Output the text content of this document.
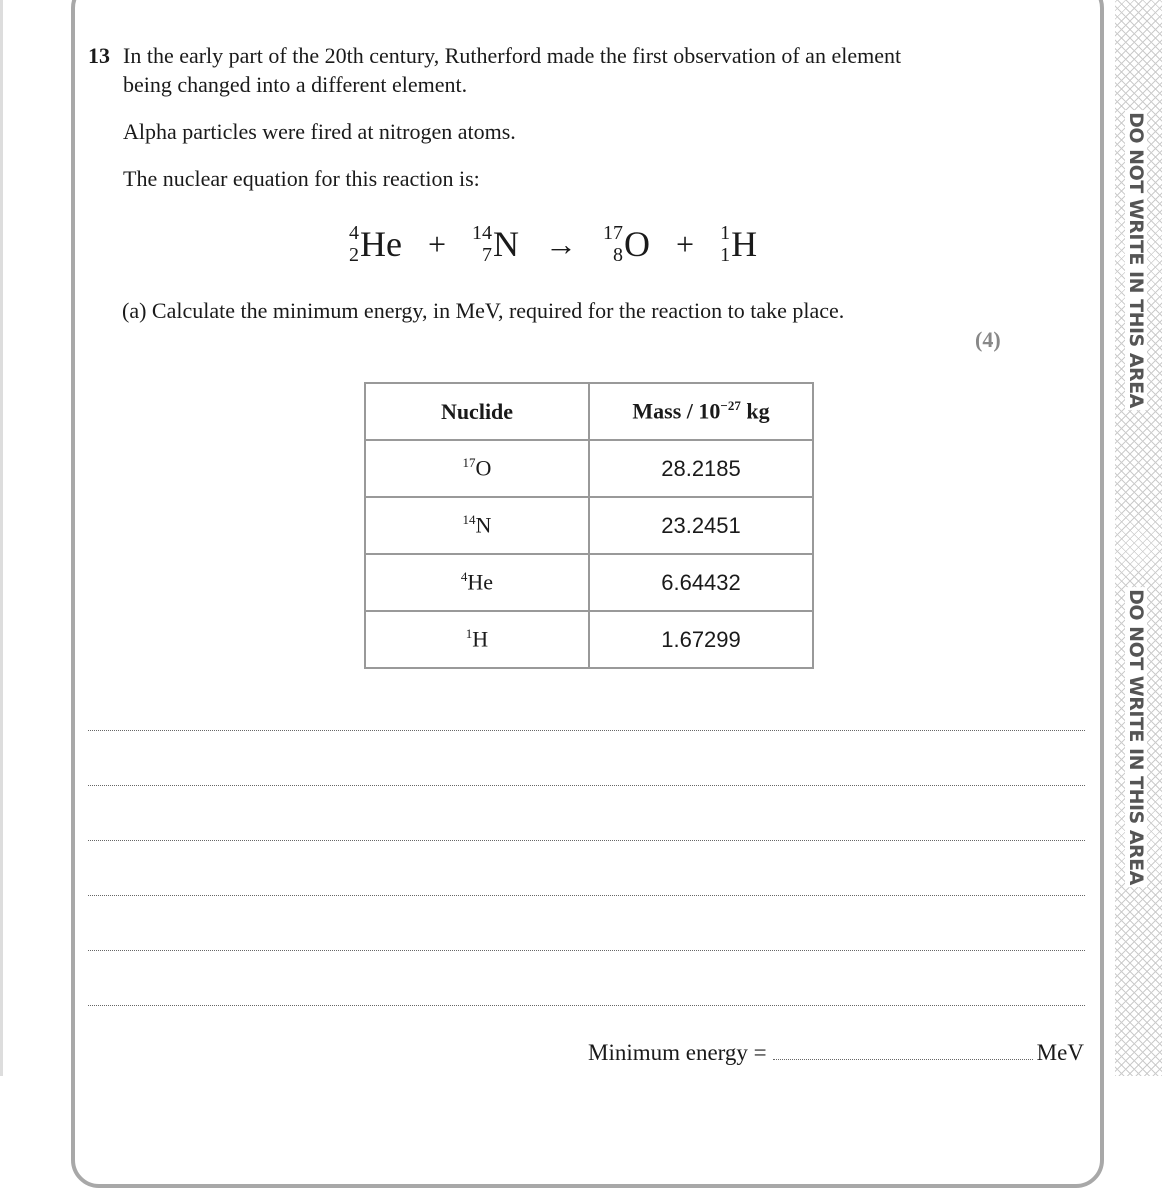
DO NOT WRITE IN THIS AREA
DO NOT WRITE IN THIS AREA
13 In the early part of the 20th century, Rutherford made the first observation of an element
being changed into a different element.
Alpha particles were fired at nitrogen atoms.
The nuclear equation for this reaction is:
4
2 He + 14
7 N → 17
8 O + 1
1 H
(a) Calculate the minimum energy, in MeV, required for the reaction to take place.
(4)
Nuclide	Mass / $10^{-27}$ kg
$^{17}$O	28.2185
$^{14}$N	23.2451
$^4$He	6.64432
$^1$H	1.67299
Minimum energy =	MeV
